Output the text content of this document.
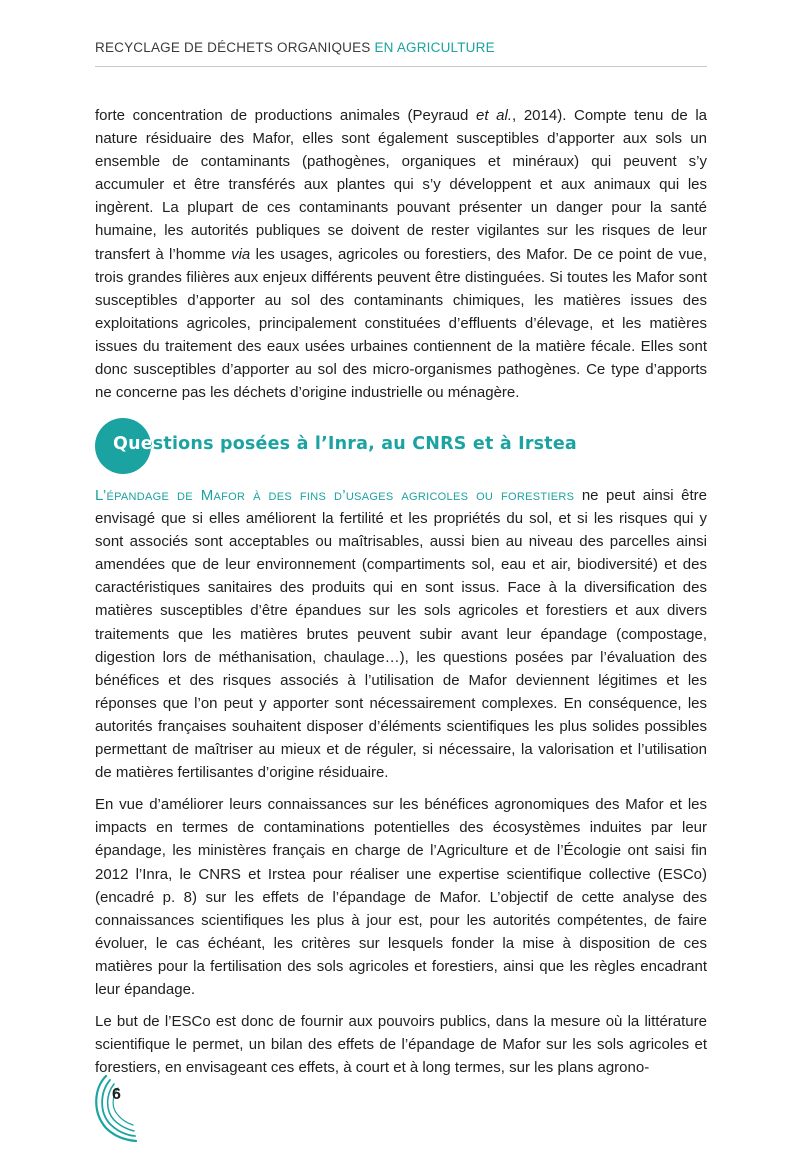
RECYCLAGE DE DÉCHETS ORGANIQUES EN AGRICULTURE

forte concentration de productions animales (Peyraud et al., 2014). Compte tenu de la nature résiduaire des Mafor, elles sont également susceptibles d’apporter aux sols un ensemble de contaminants (pathogènes, organiques et minéraux) qui peuvent s’y accumuler et être transférés aux plantes qui s’y développent et aux animaux qui les ingèrent. La plupart de ces contaminants pouvant présenter un danger pour la santé humaine, les autorités publiques se doivent de rester vigilantes sur les risques de leur transfert à l’homme via les usages, agricoles ou forestiers, des Mafor. De ce point de vue, trois grandes filières aux enjeux différents peuvent être distinguées. Si toutes les Mafor sont susceptibles d’apporter au sol des contaminants chimiques, les matières issues des exploitations agricoles, principalement constituées d’effluents d’élevage, et les matières issues du traitement des eaux usées urbaines contiennent de la matière fécale. Elles sont donc susceptibles d’apporter au sol des micro-organismes pathogènes. Ce type d’apports ne concerne pas les déchets d’origine industrielle ou ménagère.

Questions posées à l’Inra, au CNRS et à Irstea

L’épandage de Mafor à des fins d’usages agricoles ou forestiers ne peut ainsi être envisagé que si elles améliorent la fertilité et les propriétés du sol, et si les risques qui y sont associés sont acceptables ou maîtrisables, aussi bien au niveau des parcelles ainsi amendées que de leur environnement (compartiments sol, eau et air, biodiversité) et des caractéristiques sanitaires des produits qui en sont issus. Face à la diversification des matières susceptibles d’être épandues sur les sols agricoles et forestiers et aux divers traitements que les matières brutes peuvent subir avant leur épandage (compostage, digestion lors de méthanisation, chaulage…), les questions posées par l’évaluation des bénéfices et des risques associés à l’utilisation de Mafor deviennent légitimes et les réponses que l’on peut y apporter sont nécessairement complexes. En conséquence, les autorités françaises souhaitent disposer d’éléments scientifiques les plus solides possibles permettant de maîtriser au mieux et de réguler, si nécessaire, la valorisation et l’utilisation de matières fertilisantes d’origine résiduaire.

En vue d’améliorer leurs connaissances sur les bénéfices agronomiques des Mafor et les impacts en termes de contaminations potentielles des écosystèmes induites par leur épandage, les ministères français en charge de l’Agriculture et de l’Écologie ont saisi fin 2012 l’Inra, le CNRS et Irstea pour réaliser une expertise scientifique collective (ESCo) (encadré p. 8) sur les effets de l’épandage de Mafor. L’objectif de cette analyse des connaissances scientifiques les plus à jour est, pour les autorités compétentes, de faire évoluer, le cas échéant, les critères sur lesquels fonder la mise à disposition de ces matières pour la fertilisation des sols agricoles et forestiers, ainsi que les règles encadrant leur épandage.

Le but de l’ESCo est donc de fournir aux pouvoirs publics, dans la mesure où la littérature scientifique le permet, un bilan des effets de l’épandage de Mafor sur les sols agricoles et forestiers, en envisageant ces effets, à court et à long termes, sur les plans agrono-

6
